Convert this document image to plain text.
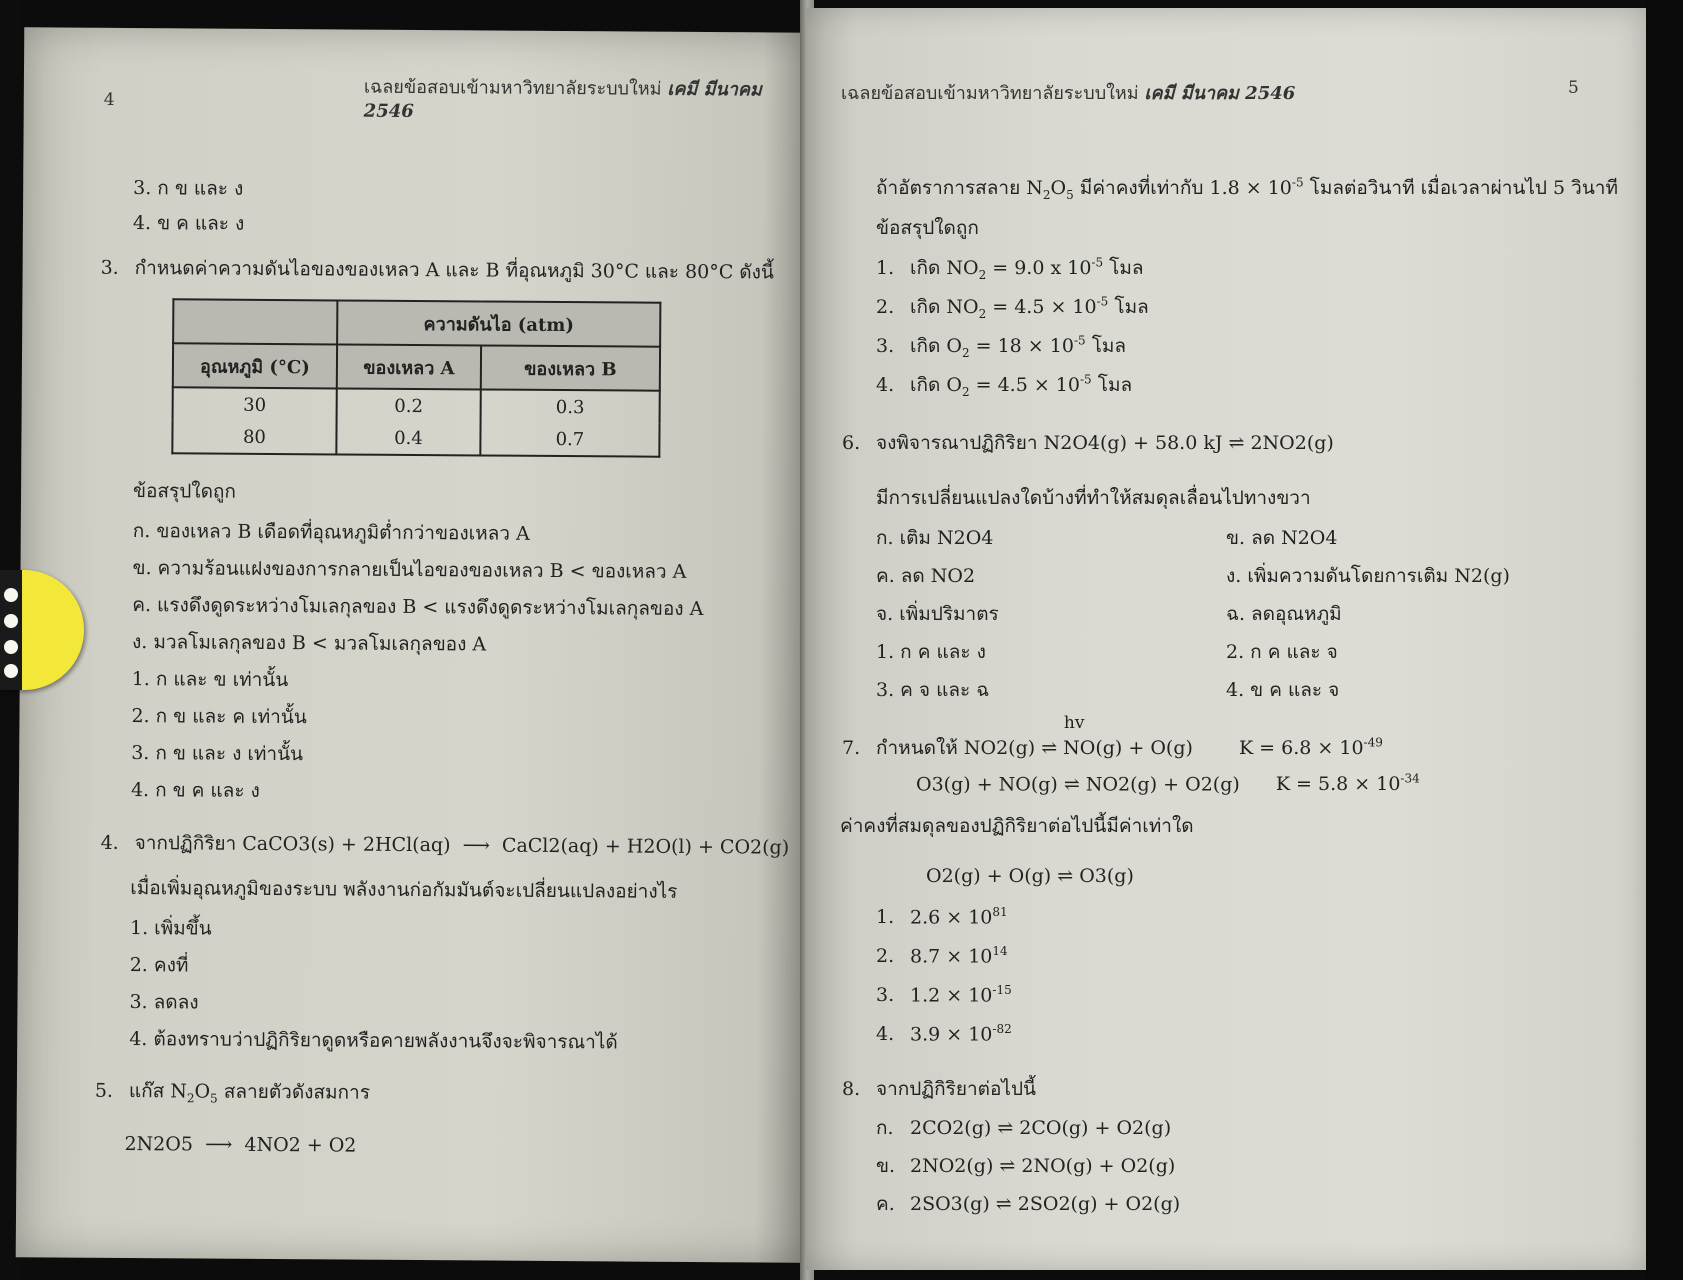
เฉลยข้อสอบเข้ามหาวิทยาลัยระบบใหม่ เคมี มีนาคม 2546
4
3. ก ข และ ง
4. ข ค และ ง
3. กำหนดค่าความดันไอของของเหลว A และ B ที่อุณหภูมิ 30°C และ 80°C ดังนี้
	ความดันไอ (atm)	
อุณหภูมิ (°C)	ของเหลว A	ของเหลว B
30	0.2	0.3
80	0.4	0.7
ข้อสรุปใดถูก
ก. ของเหลว B เดือดที่อุณหภูมิต่ำกว่าของเหลว A
ข. ความร้อนแฝงของการกลายเป็นไอของของเหลว B < ของเหลว A
ค. แรงดึงดูดระหว่างโมเลกุลของ B < แรงดึงดูดระหว่างโมเลกุลของ A
ง. มวลโมเลกุลของ B < มวลโมเลกุลของ A
1. ก และ ข เท่านั้น
2. ก ข และ ค เท่านั้น
3. ก ข และ ง เท่านั้น
4. ก ข ค และ ง
4. จากปฏิกิริยา CaCO3(s) + 2HCl(aq)  ⟶  CaCl2(aq) + H2O(l) + CO2(g)
เมื่อเพิ่มอุณหภูมิของระบบ พลังงานก่อกัมมันต์จะเปลี่ยนแปลงอย่างไร
1. เพิ่มขึ้น
2. คงที่
3. ลดลง
4. ต้องทราบว่าปฏิกิริยาดูดหรือคายพลังงานจึงจะพิจารณาได้
5. แก๊ส $N_2O_5$ สลายตัวดังสมการ
2N2O5  ⟶  4NO2 + O2
เฉลยข้อสอบเข้ามหาวิทยาลัยระบบใหม่ เคมี มีนาคม 2546	5
ถ้าอัตราการสลาย $N_2O_5$ มีค่าคงที่เท่ากับ $1.8 \times 10^{-5}$ โมลต่อวินาที เมื่อเวลาผ่านไป 5 วินาที
ข้อสรุปใดถูก
1. เกิด $NO_2 = 9.0$ x $10^{-5}$ โมล
2. เกิด $NO_2 = 4.5 \times 10^{-5}$ โมล
3. เกิด $O_2 = 18 \times 10^{-5}$ โมล
4. เกิด $O_2 = 4.5 \times 10^{-5}$ โมล
6. จงพิจารณาปฏิกิริยา N2O4(g) + 58.0 kJ ⇌ 2NO2(g)
มีการเปลี่ยนแปลงใดบ้างที่ทำให้สมดุลเลื่อนไปทางขวา
ก. เติม N2O4	ข. ลด N2O4
ค. ลด NO2	ง. เพิ่มความดันโดยการเติม N2(g)
จ. เพิ่มปริมาตร	ฉ. ลดอุณหภูมิ
1. ก ค และ ง	2. ก ค และ จ
3. ค จ และ ฉ	4. ข ค และ จ
7. กำหนดให้ NO2(g) ⇌ NO(g) + O(g)
hv
$K = 6.8 \times 10^{-49}$
O3(g) + NO(g) ⇌ NO2(g) + O2(g) $K = 5.8 \times 10^{-34}$
ค่าคงที่สมดุลของปฏิกิริยาต่อไปนี้มีค่าเท่าใด
O2(g) + O(g) ⇌ O3(g)
1. $2.6 \times 10^{81}$
2. $8.7 \times 10^{14}$
3. $1.2 \times 10^{-15}$
4. $3.9 \times 10^{-82}$
8. จากปฏิกิริยาต่อไปนี้
ก. 2CO2(g) ⇌ 2CO(g) + O2(g)
ข. 2NO2(g) ⇌ 2NO(g) + O2(g)
ค. 2SO3(g) ⇌ 2SO2(g) + O2(g)
